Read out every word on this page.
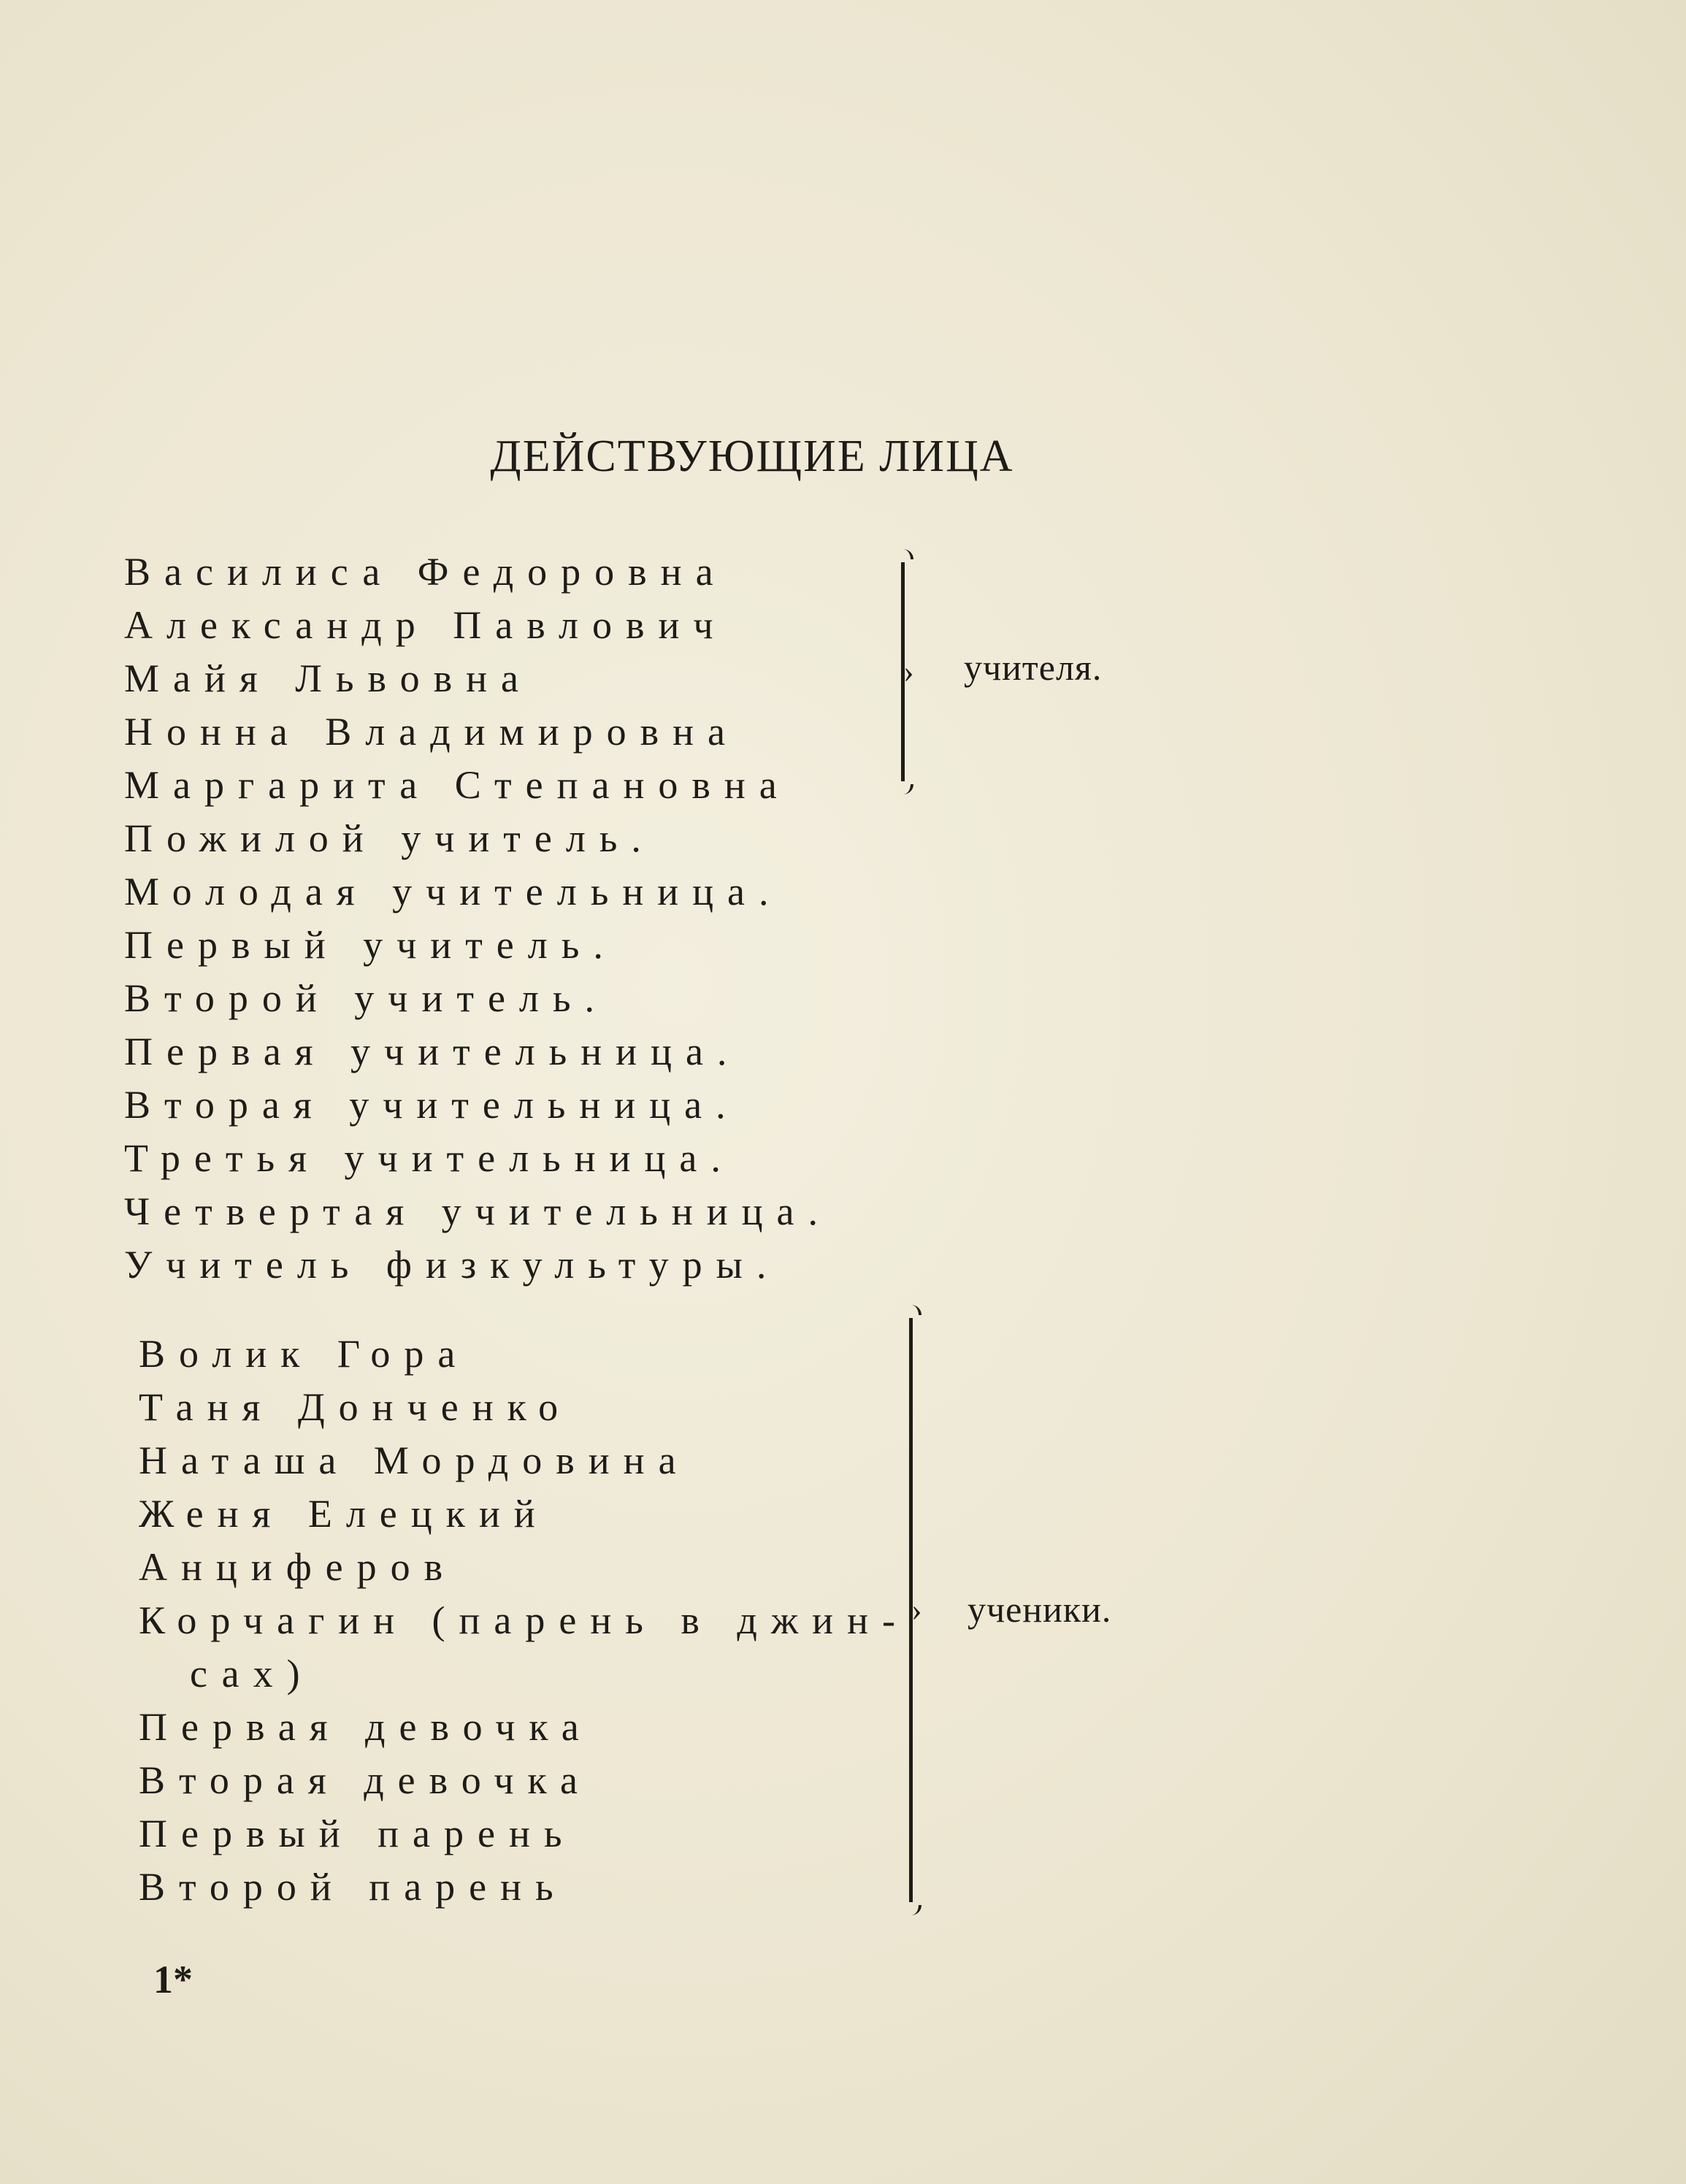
ДЕЙСТВУЮЩИЕ ЛИЦА
Василиса Федоровна
Александр Павлович
Майя Львовна
Нонна Владимировна
Маргарита Степановна
Пожилой учитель.
Молодая учительница.
Первый учитель.
Второй учитель.
Первая учительница.
Вторая учительница.
Третья учительница.
Четвертая учительница.
Учитель физкультуры.
› учителя.
Волик Гора
Таня Донченко
Наташа Мордовина
Женя Елецкий
Анциферов
Корчагин (парень в джин-
сах)
Первая девочка
Вторая девочка
Первый парень
Второй парень
› ученики.
1*
